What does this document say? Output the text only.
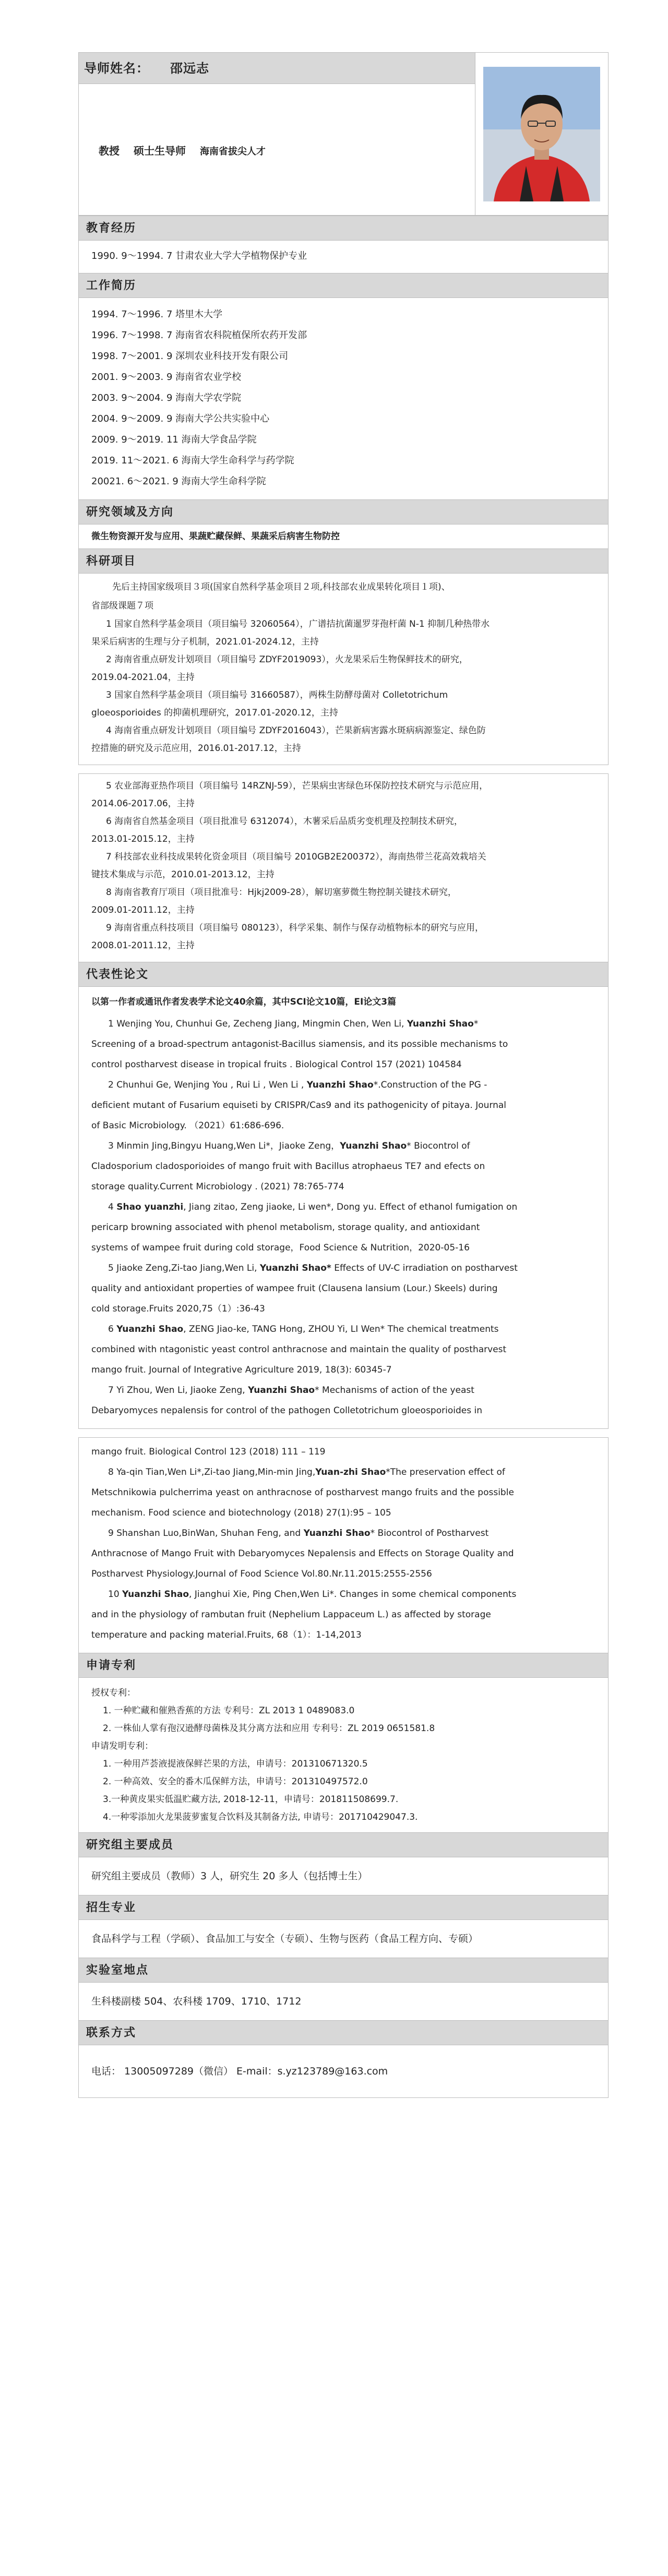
导师姓名： 邵远志
教授 硕士生导师 海南省拔尖人才
教育经历
1990. 9～1994. 7 甘肃农业大学大学植物保护专业
工作简历
1994. 7～1996. 7 塔里木大学
1996. 7～1998. 7 海南省农科院植保所农药开发部
1998. 7～2001. 9 深圳农业科技开发有限公司
2001. 9～2003. 9 海南省农业学校
2003. 9～2004. 9 海南大学农学院
2004. 9～2009. 9 海南大学公共实验中心
2009. 9～2019. 11 海南大学食品学院
2019. 11～2021. 6 海南大学生命科学与药学院
20021. 6～2021. 9 海南大学生命科学院
研究领域及方向
微生物资源开发与应用、果蔬贮藏保鲜、果蔬采后病害生物防控
科研项目
先后主持国家级项目３项(国家自然科学基金项目２项,科技部农业成果转化项目１项)、
省部级课题７项
1 国家自然科学基金项目（项目编号 32060564），广谱拮抗菌暹罗芽孢杆菌 N-1 抑制几种热带水
果采后病害的生理与分子机制，2021.01-2024.12，主持
2 海南省重点研发计划项目（项目编号 ZDYF2019093），火龙果采后生物保鲜技术的研究，
2019.04-2021.04，主持
3 国家自然科学基金项目（项目编号 31660587），两株生防酵母菌对 Colletotrichum
gloeosporioides 的抑菌机理研究，2017.01-2020.12，主持
4 海南省重点研发计划项目（项目编号 ZDYF2016043），芒果新病害露水斑病病源鉴定、绿色防
控措施的研究及示范应用，2016.01-2017.12，主持
5 农业部海亚热作项目（项目编号 14RZNJ-59），芒果病虫害绿色环保防控技术研究与示范应用，
2014.06-2017.06，主持
6 海南省自然基金项目（项目批准号 6312074），木薯采后品质劣变机理及控制技术研究，
2013.01-2015.12，主持
7 科技部农业科技成果转化资金项目（项目编号 2010GB2E200372），海南热带兰花高效栽培关
键技术集成与示范，2010.01-2013.12，主持
8 海南省教育厅项目（项目批准号：Hjkj2009-28），解切塞萝微生物控制关键技术研究，
2009.01-2011.12，主持
9 海南省重点科技项目（项目编号 080123），科学采集、制作与保存动植物标本的研究与应用，
2008.01-2011.12，主持
代表性论文
以第一作者或通讯作者发表学术论文40余篇，其中SCI论文10篇，EI论文3篇
1 Wenjing You, Chunhui Ge, Zecheng Jiang, Mingmin Chen, Wen Li, Yuanzhi Shao*
Screening of a broad-spectrum antagonist-Bacillus siamensis, and its possible mechanisms to
control postharvest disease in tropical fruits . Biological Control 157 (2021) 104584
2 Chunhui Ge, Wenjing You , Rui Li , Wen Li , Yuanzhi Shao*.Construction of the PG -
deficient mutant of Fusarium equiseti by CRISPR/Cas9 and its pathogenicity of pitaya. Journal
of Basic Microbiology. （2021）61:686-696.
3 Minmin Jing,Bingyu Huang,Wen Li*，Jiaoke Zeng，Yuanzhi Shao* Biocontrol of
Cladosporium cladosporioides of mango fruit with Bacillus atrophaeus TE7 and efects on
storage quality.Current Microbiology . (2021) 78:765-774
4 Shao yuanzhi, Jiang zitao, Zeng jiaoke, Li wen*, Dong yu. Effect of ethanol fumigation on
pericarp browning associated with phenol metabolism, storage quality, and antioxidant
systems of wampee fruit during cold storage，Food Science & Nutrition，2020-05-16
5 Jiaoke Zeng,Zi-tao Jiang,Wen Li, Yuanzhi Shao* Effects of UV-C irradiation on postharvest
quality and antioxidant properties of wampee fruit (Clausena lansium (Lour.) Skeels) during
cold storage.Fruits 2020,75（1）:36-43
6 Yuanzhi Shao, ZENG Jiao-ke, TANG Hong, ZHOU Yi, LI Wen* The chemical treatments
combined with ntagonistic yeast control anthracnose and maintain the quality of postharvest
mango fruit. Journal of Integrative Agriculture 2019, 18(3): 60345-7
7 Yi Zhou, Wen Li, Jiaoke Zeng, Yuanzhi Shao* Mechanisms of action of the yeast
Debaryomyces nepalensis for control of the pathogen Colletotrichum gloeosporioides in
mango fruit. Biological Control 123 (2018) 111 – 119
8 Ya-qin Tian,Wen Li*,Zi-tao Jiang,Min-min Jing,Yuan-zhi Shao*The preservation effect of
Metschnikowia pulcherrima yeast on anthracnose of postharvest mango fruits and the possible
mechanism. Food science and biotechnology (2018) 27(1):95 – 105
9 Shanshan Luo,BinWan, Shuhan Feng, and Yuanzhi Shao* Biocontrol of Postharvest
Anthracnose of Mango Fruit with Debaryomyces Nepalensis and Effects on Storage Quality and
Postharvest Physiology.Journal of Food Science Vol.80.Nr.11.2015:2555-2556
10 Yuanzhi Shao, Jianghui Xie, Ping Chen,Wen Li*. Changes in some chemical components
and in the physiology of rambutan fruit (Nephelium Lappaceum L.) as affected by storage
temperature and packing material.Fruits, 68（1）：1-14,2013
申请专利
授权专利：
1. 一种贮藏和催熟香蕉的方法 专利号：ZL 2013 1 0489083.0
2. 一株仙人掌有孢汉逊酵母菌株及其分离方法和应用 专利号：ZL 2019 0651581.8
申请发明专利：
1. 一种用芦荟液提液保鲜芒果的方法，申请号：201310671320.5
2. 一种高效、安全的番木瓜保鲜方法，申请号：201310497572.0
3.一种黄皮果实低温贮藏方法, 2018-12-11，申请号：201811508699.7.
4.一种零添加火龙果菠萝蜜复合饮料及其制备方法, 申请号：201710429047.3.
研究组主要成员
研究组主要成员（教师）3 人，研究生 20 多人（包括博士生）
招生专业
食品科学与工程（学硕）、食品加工与安全（专硕）、生物与医药（食品工程方向、专硕）
实验室地点
生科楼副楼 504、农科楼 1709、1710、1712
联系方式
电话： 13005097289（微信） E-mail：s.yz123789@163.com
